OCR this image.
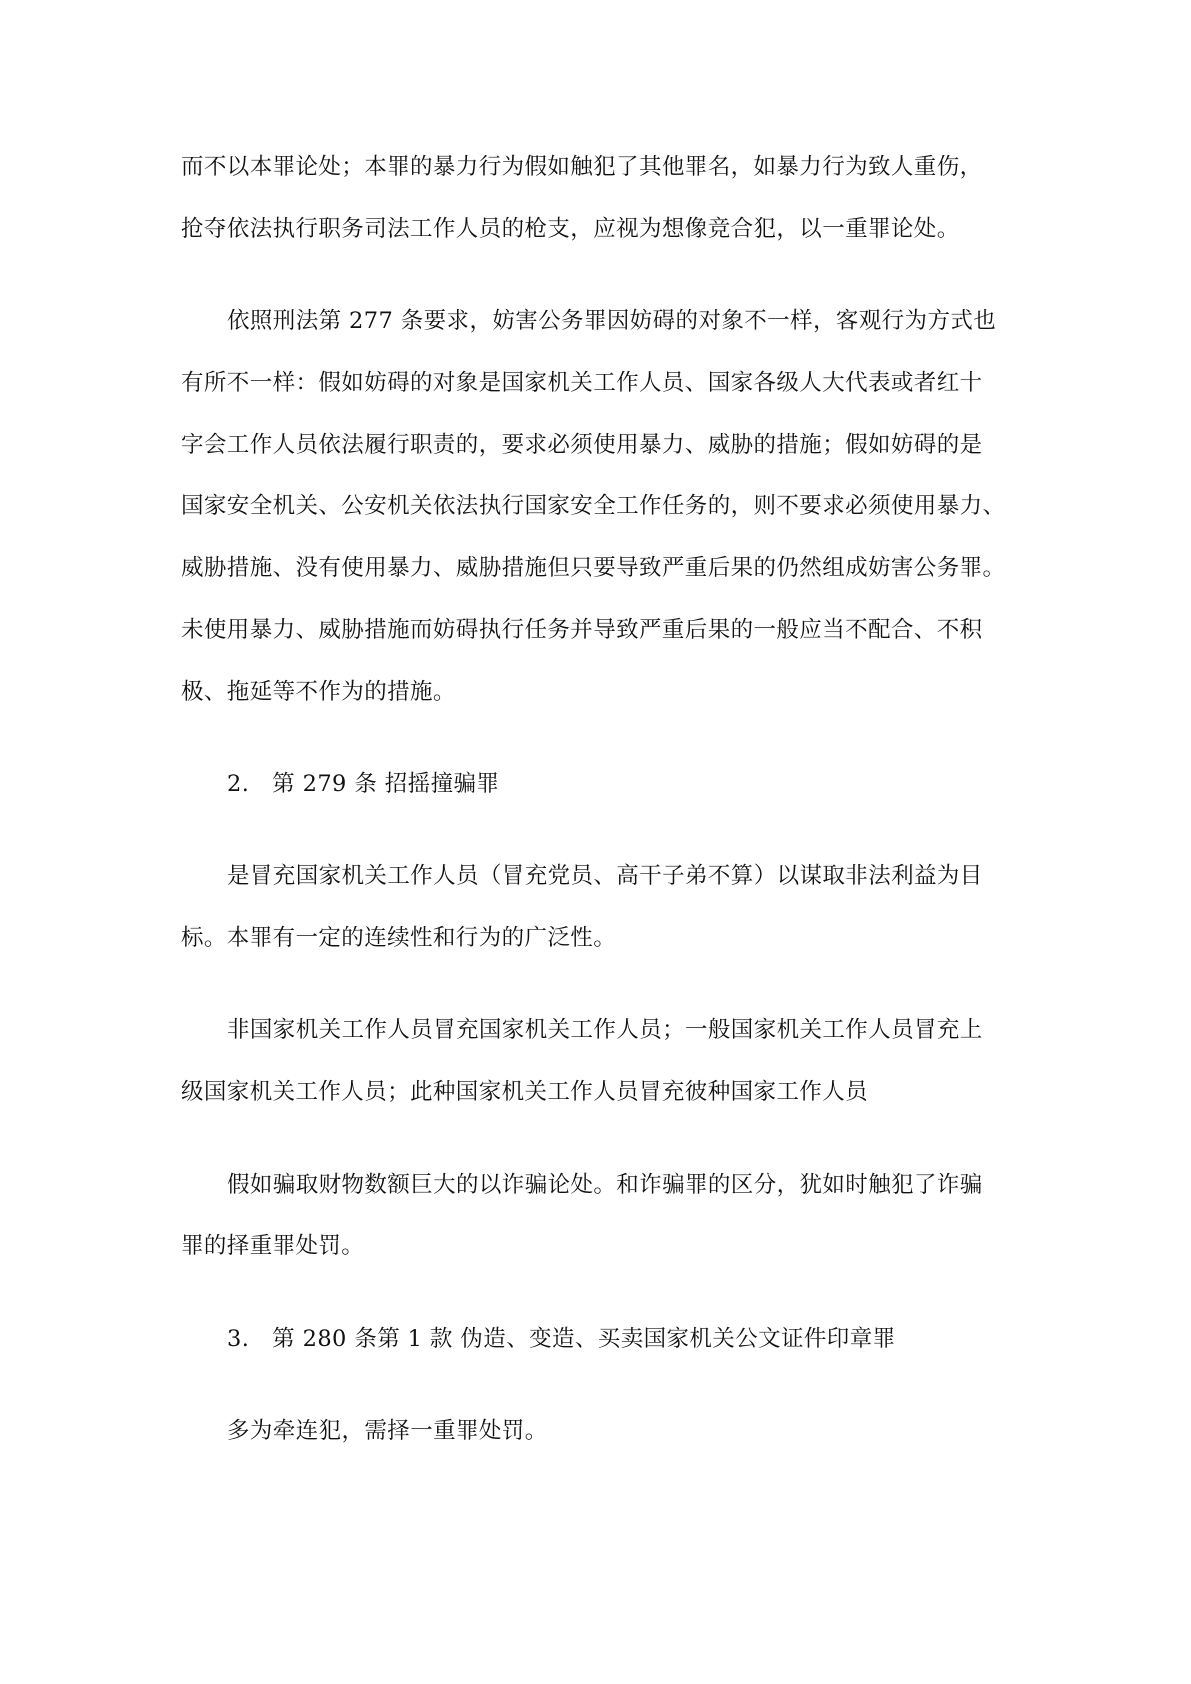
而不以本罪论处；本罪的暴力行为假如触犯了其他罪名，如暴力行为致人重伤，
抢夺依法执行职务司法工作人员的枪支，应视为想像竞合犯，以一重罪论处。
依照刑法第 277 条要求，妨害公务罪因妨碍的对象不一样，客观行为方式也
有所不一样：假如妨碍的对象是国家机关工作人员、国家各级人大代表或者红十
字会工作人员依法履行职责的，要求必须使用暴力、威胁的措施；假如妨碍的是
国家安全机关、公安机关依法执行国家安全工作任务的，则不要求必须使用暴力、
威胁措施、没有使用暴力、威胁措施但只要导致严重后果的仍然组成妨害公务罪。
未使用暴力、威胁措施而妨碍执行任务并导致严重后果的一般应当不配合、不积
极、拖延等不作为的措施。
2.　第 279 条 招摇撞骗罪
是冒充国家机关工作人员（冒充党员、高干子弟不算）以谋取非法利益为目
标。本罪有一定的连续性和行为的广泛性。
非国家机关工作人员冒充国家机关工作人员；一般国家机关工作人员冒充上
级国家机关工作人员；此种国家机关工作人员冒充彼种国家工作人员
假如骗取财物数额巨大的以诈骗论处。和诈骗罪的区分，犹如时触犯了诈骗
罪的择重罪处罚。
3.　第 280 条第 1 款 伪造、变造、买卖国家机关公文证件印章罪
多为牵连犯，需择一重罪处罚。
